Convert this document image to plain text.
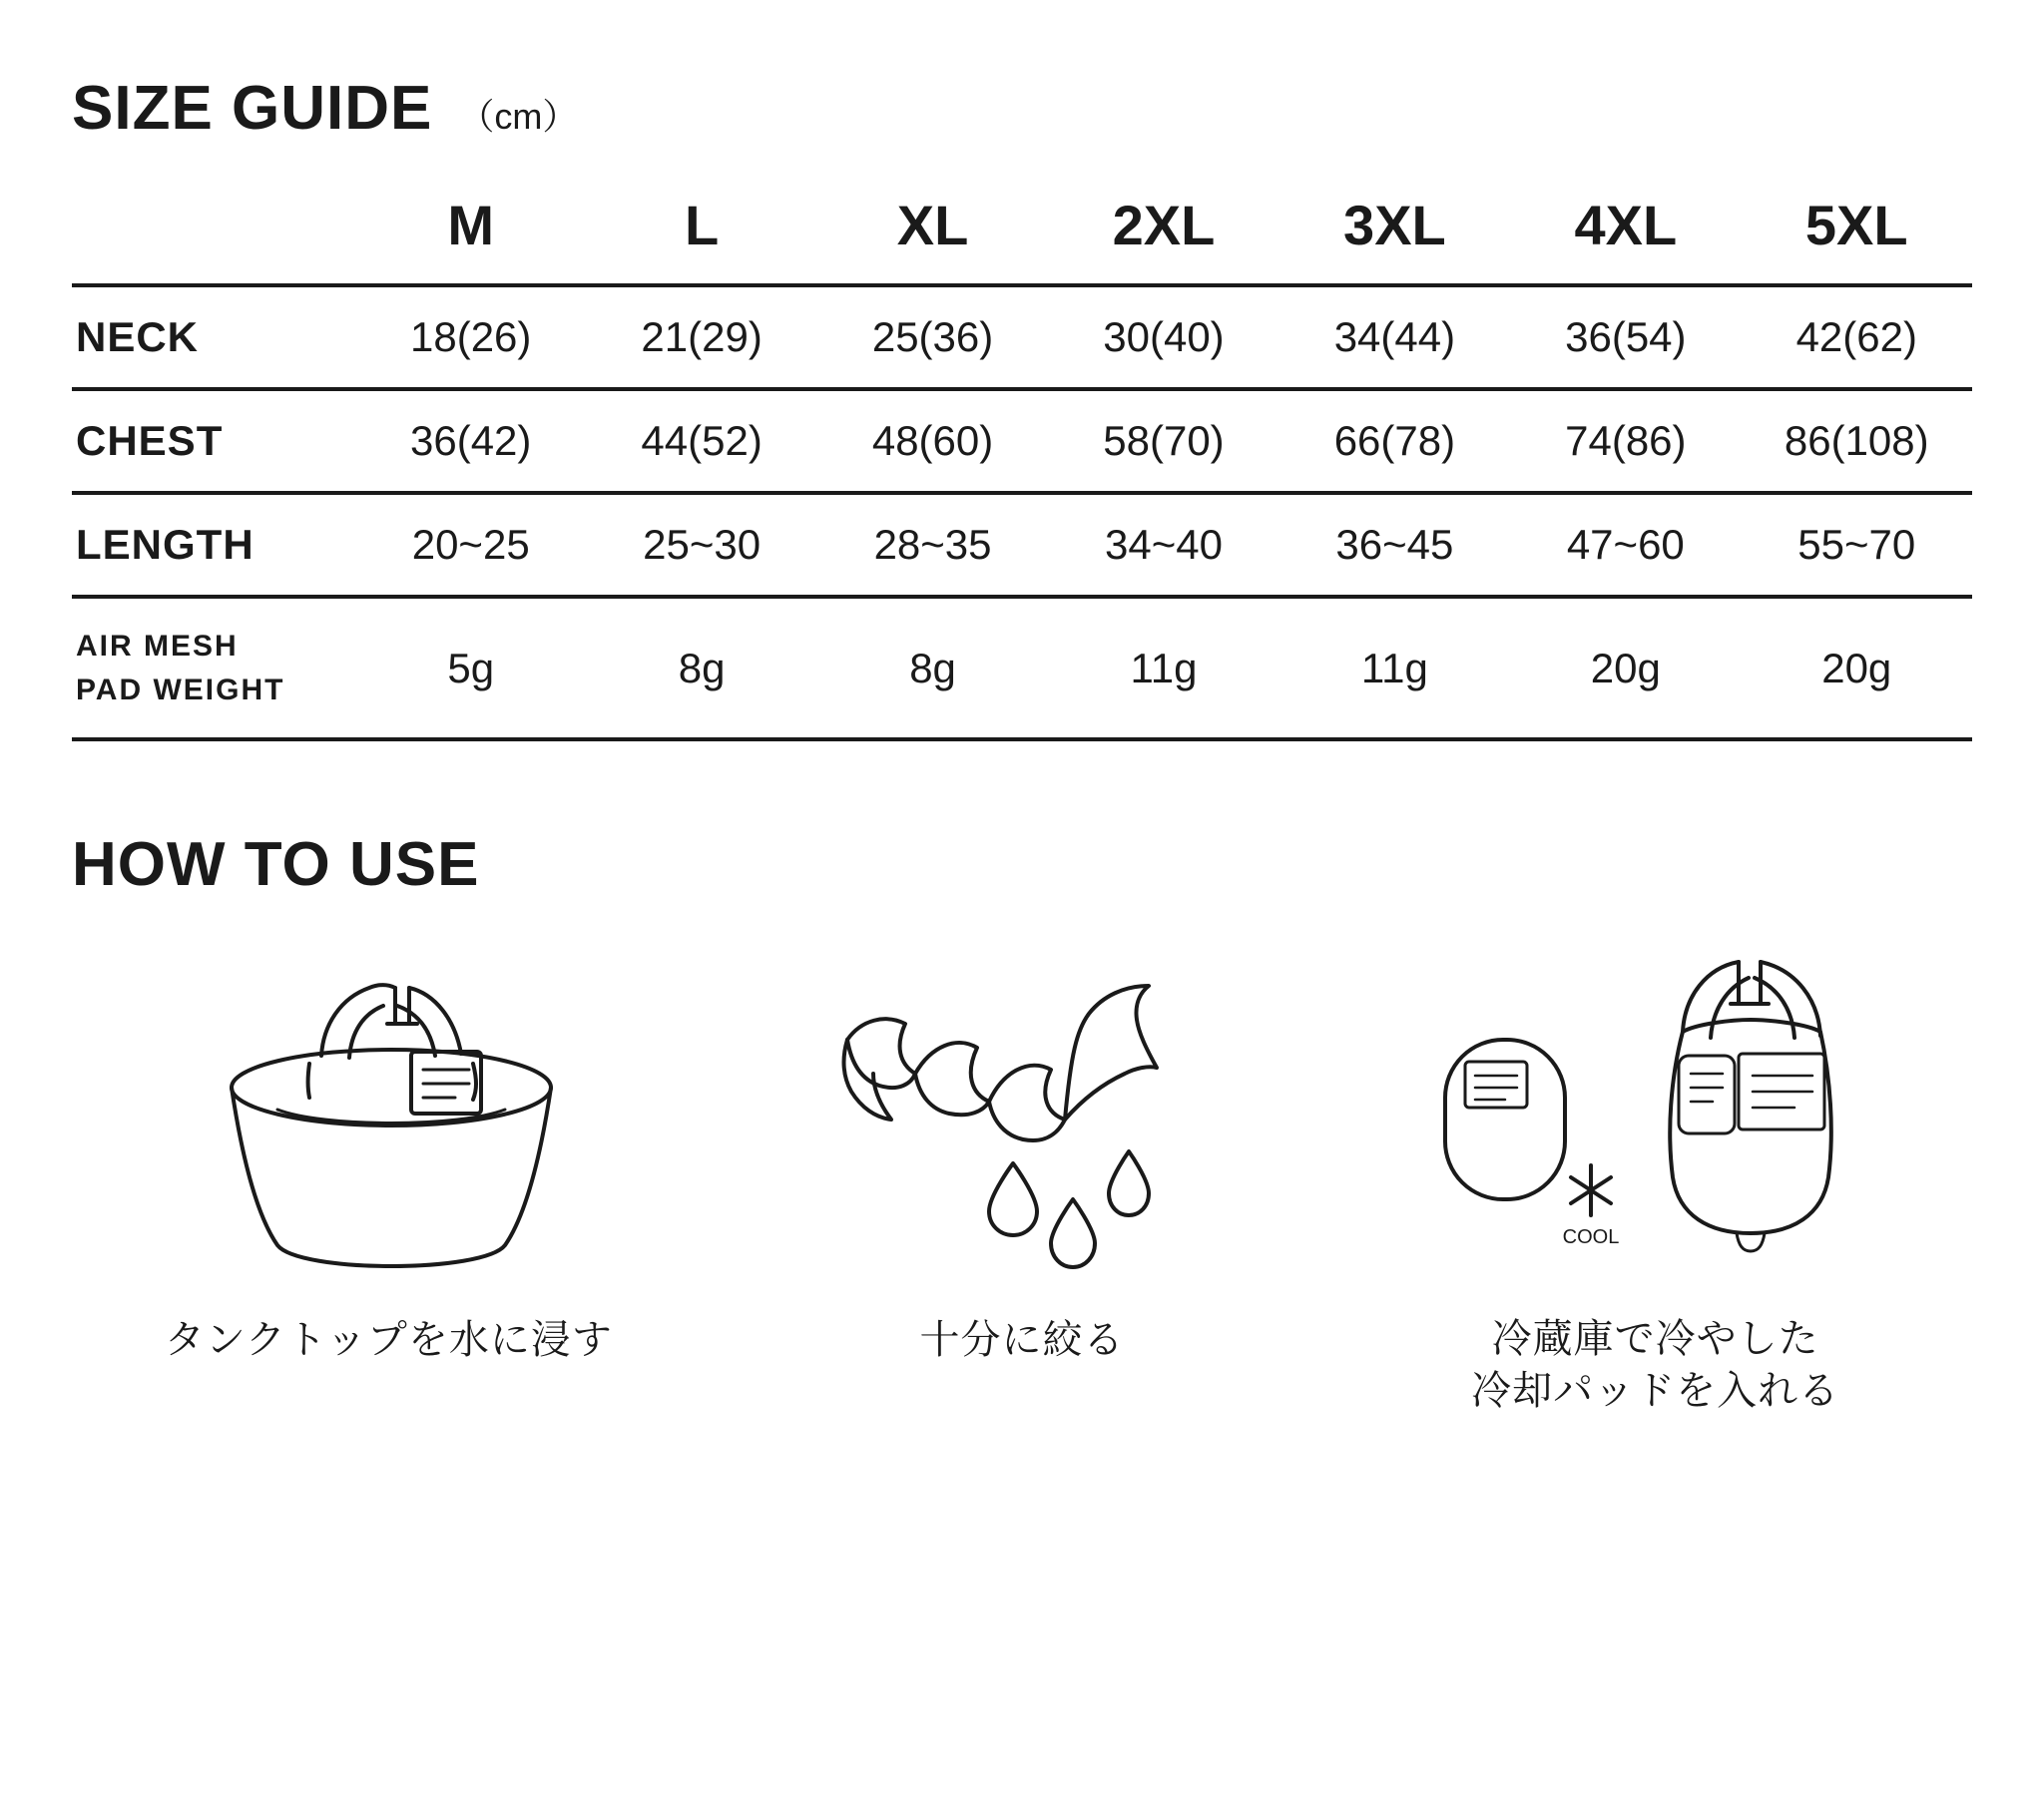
SIZE GUIDE （cm）
	M	L	XL	2XL	3XL	4XL	5XL
NECK	18(26)	21(29)	25(36)	30(40)	34(44)	36(54)	42(62)
CHEST	36(42)	44(52)	48(60)	58(70)	66(78)	74(86)	86(108)
LENGTH	20~25	25~30	28~35	34~40	36~45	47~60	55~70

AIR MESH
PAD WEIGHT	5g	8g	8g	11g	11g	20g	20g
HOW TO USE
タンクトップを水に浸す	十分に絞る
COOL
冷蔵庫で冷やした
冷却パッドを入れる
